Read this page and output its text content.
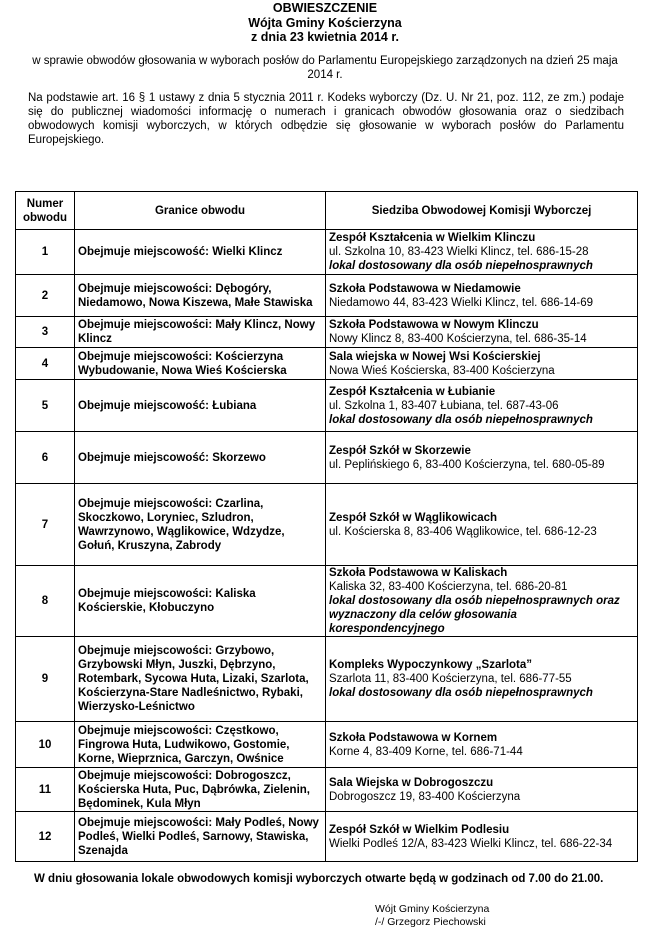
OBWIESZCZENIE
Wójta Gminy Kościerzyna
z dnia 23 kwietnia 2014 r.
w sprawie obwodów głosowania w wyborach posłów do Parlamentu Europejskiego zarządzonych na dzień 25 maja 2014 r.
Na podstawie art. 16 § 1 ustawy z dnia 5 stycznia 2011 r. Kodeks wyborczy (Dz. U. Nr 21, poz. 112, ze zm.) podaje się do publicznej wiadomości informację o numerach i granicach obwodów głosowania oraz o siedzibach obwodowych komisji wyborczych, w których odbędzie się głosowanie w wyborach posłów do Parlamentu Europejskiego.
Numer obwodu	Granice obwodu	Siedziba Obwodowej Komisji Wyborczej
1	Obejmuje miejscowość: Wielki Klincz	Zespół Kształcenia w Wielkim Klinczu
ul. Szkolna 10, 83-423 Wielki Klincz, tel. 686-15-28
lokal dostosowany dla osób niepełnosprawnych

2	Obejmuje miejscowości: Dębogóry, Niedamowo, Nowa Kiszewa, Małe Stawiska	Szkoła Podstawowa w Niedamowie
Niedamowo 44, 83-423 Wielki Klincz, tel. 686-14-69

3	Obejmuje miejscowości: Mały Klincz, Nowy Klincz	Szkoła Podstawowa w Nowym Klinczu
Nowy Klincz 8, 83-400 Kościerzyna, tel. 686-35-14

4	Obejmuje miejscowości: Kościerzyna Wybudowanie, Nowa Wieś Kościerska	Sala wiejska w Nowej Wsi Kościerskiej
Nowa Wieś Kościerska, 83-400 Kościerzyna

5	Obejmuje miejscowość: Łubiana	Zespół Kształcenia w Łubianie
ul. Szkolna 1, 83-407 Łubiana, tel. 687-43-06
lokal dostosowany dla osób niepełnosprawnych

6	Obejmuje miejscowość: Skorzewo	Zespół Szkół w Skorzewie
ul. Peplińskiego 6, 83-400 Kościerzyna, tel. 680-05-89

7	Obejmuje miejscowości: Czarlina, Skoczkowo, Loryniec, Szludron, Wawrzynowo, Wąglikowice, Wdzydze, Gołuń, Kruszyna, Zabrody	Zespół Szkół w Wąglikowicach
ul. Kościerska 8, 83-406 Wąglikowice, tel. 686-12-23

8	Obejmuje miejscowości: Kaliska Kościerskie, Kłobuczyno	Szkoła Podstawowa w Kaliskach
Kaliska 32, 83-400 Kościerzyna, tel. 686-20-81
lokal dostosowany dla osób niepełnosprawnych oraz wyznaczony dla celów głosowania korespondencyjnego

9	Obejmuje miejscowości: Grzybowo, Grzybowski Młyn, Juszki, Dębrzyno, Rotembark, Sycowa Huta, Lizaki, Szarlota, Kościerzyna-Stare Nadleśnictwo, Rybaki, Wierzysko-Leśnictwo	Kompleks Wypoczynkowy „Szarlota”
Szarlota 11, 83-400 Kościerzyna, tel. 686-77-55
lokal dostosowany dla osób niepełnosprawnych

10	Obejmuje miejscowości: Częstkowo, Fingrowa Huta, Ludwikowo, Gostomie, Korne, Wieprznica, Garczyn, Owśnice	Szkoła Podstawowa w Kornem
Korne 4, 83-409 Korne, tel. 686-71-44

11	Obejmuje miejscowości: Dobrogoszcz, Kościerska Huta, Puc, Dąbrówka, Zielenin, Będominek, Kula Młyn	Sala Wiejska w Dobrogoszczu
Dobrogoszcz 19, 83-400 Kościerzyna

12	Obejmuje miejscowości: Mały Podleś, Nowy Podleś, Wielki Podleś, Sarnowy, Stawiska, Szenajda	Zespół Szkół w Wielkim Podlesiu
Wielki Podleś 12/A, 83-423 Wielki Klincz, tel. 686-22-34
W dniu głosowania lokale obwodowych komisji wyborczych otwarte będą w godzinach od 7.00 do 21.00.
Wójt Gminy Kościerzyna
/-/ Grzegorz Piechowski
